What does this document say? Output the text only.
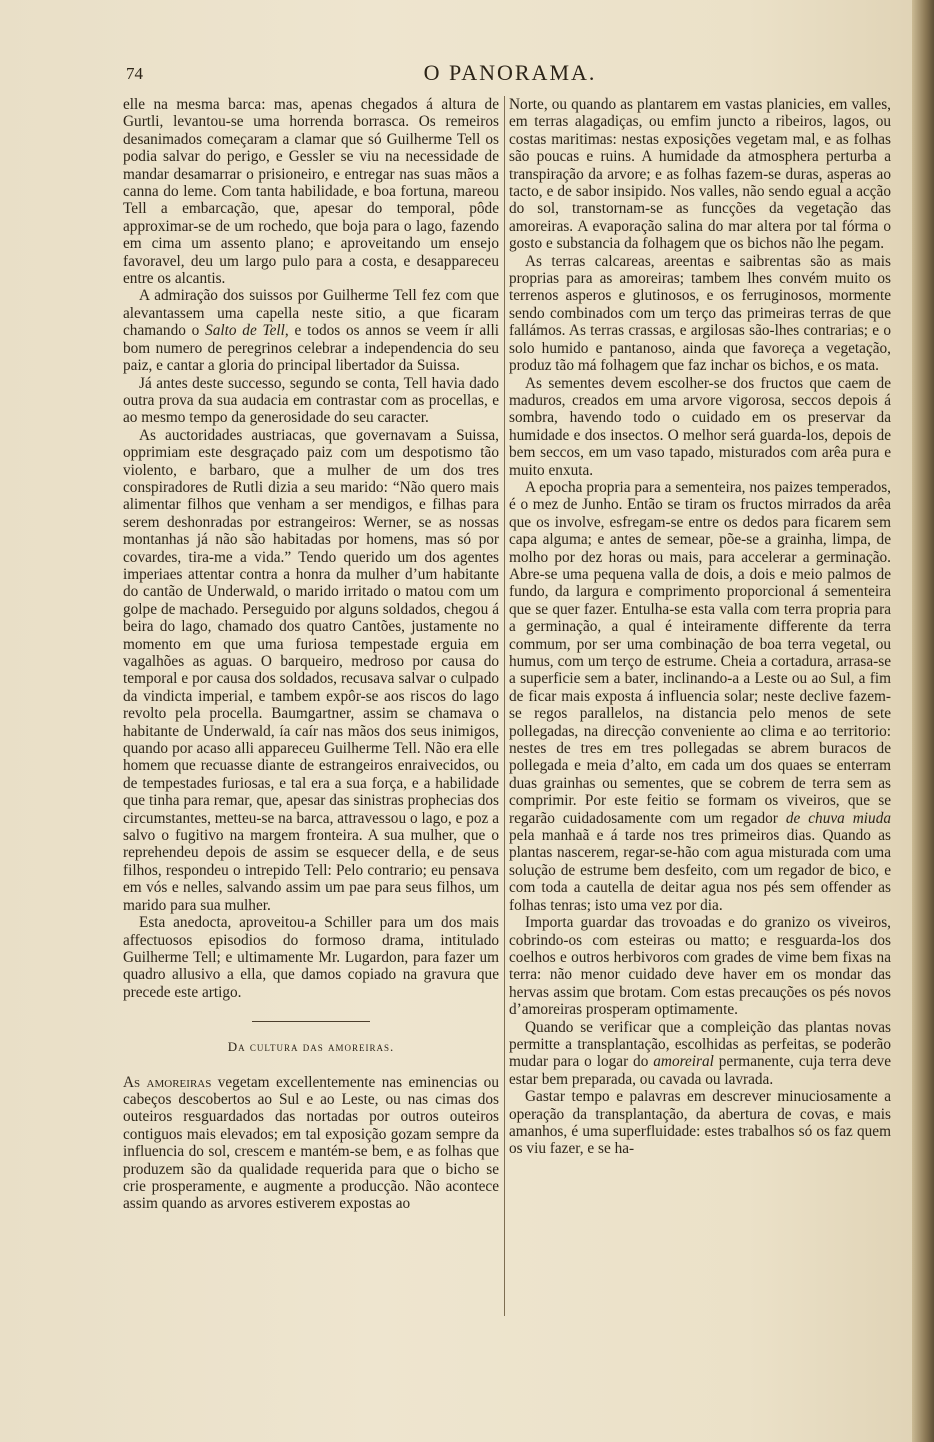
74	O PANORAMA.

elle na mesma barca: mas, apenas chegados á altura de Gurtli, levantou-se uma horrenda borrasca. Os remeiros desanimados começaram a clamar que só Guilherme Tell os podia salvar do perigo, e Gessler se viu na necessidade de mandar desamarrar o prisioneiro, e entregar nas suas mãos a canna do leme. Com tanta habilidade, e boa fortuna, mareou Tell a embarcação, que, apesar do temporal, pôde approximar-se de um rochedo, que boja para o lago, fazendo em cima um assento plano; e aproveitando um ensejo favoravel, deu um largo pulo para a costa, e desappareceu entre os alcantis.

A admiração dos suissos por Guilherme Tell fez com que alevantassem uma capella neste sitio, a que ficaram chamando o Salto de Tell, e todos os annos se veem ír alli bom numero de peregrinos celebrar a independencia do seu paiz, e cantar a gloria do principal libertador da Suissa.

Já antes deste successo, segundo se conta, Tell havia dado outra prova da sua audacia em contrastar com as procellas, e ao mesmo tempo da generosidade do seu caracter.

As auctoridades austriacas, que governavam a Suissa, opprimiam este desgraçado paiz com um despotismo tão violento, e barbaro, que a mulher de um dos tres conspiradores de Rutli dizia a seu marido: “Não quero mais alimentar filhos que venham a ser mendigos, e filhas para serem deshonradas por estrangeiros: Werner, se as nossas montanhas já não são habitadas por homens, mas só por covardes, tira-me a vida.” Tendo querido um dos agentes imperiaes attentar contra a honra da mulher d’um habitante do cantão de Underwald, o marido irritado o matou com um golpe de machado. Perseguido por alguns soldados, chegou á beira do lago, chamado dos quatro Cantões, justamente no momento em que uma furiosa tempestade erguia em vagalhões as aguas. O barqueiro, medroso por causa do temporal e por causa dos soldados, recusava salvar o culpado da vindicta imperial, e tambem expôr-se aos riscos do lago revolto pela procella. Baumgartner, assim se chamava o habitante de Underwald, ía caír nas mãos dos seus inimigos, quando por acaso alli appareceu Guilherme Tell. Não era elle homem que recuasse diante de estrangeiros enraivecidos, ou de tempestades furiosas, e tal era a sua força, e a habilidade que tinha para remar, que, apesar das sinistras prophecias dos circumstantes, metteu-se na barca, attravessou o lago, e poz a salvo o fugitivo na margem fronteira. A sua mulher, que o reprehendeu depois de assim se esquecer della, e de seus filhos, respondeu o intrepido Tell: Pelo contrario; eu pensava em vós e nelles, salvando assim um pae para seus filhos, um marido para sua mulher.

Esta anedocta, aproveitou-a Schiller para um dos mais affectuosos episodios do formoso drama, intitulado Guilherme Tell; e ultimamente Mr. Lugardon, para fazer um quadro allusivo a ella, que damos copiado na gravura que precede este artigo.

Da cultura das amoreiras.

As amoreiras vegetam excellentemente nas eminencias ou cabeços descobertos ao Sul e ao Leste, ou nas cimas dos outeiros resguardados das nortadas por outros outeiros contiguos mais elevados; em tal exposição gozam sempre da influencia do sol, crescem e mantém-se bem, e as folhas que produzem são da qualidade requerida para que o bicho se crie prosperamente, e augmente a producção. Não acontece assim quando as arvores estiverem expostas ao

Norte, ou quando as plantarem em vastas planicies, em valles, em terras alagadiças, ou emfim juncto a ribeiros, lagos, ou costas maritimas: nestas exposições vegetam mal, e as folhas são poucas e ruins. A humidade da atmosphera perturba a transpiração da arvore; e as folhas fazem-se duras, asperas ao tacto, e de sabor insipido. Nos valles, não sendo egual a acção do sol, transtornam-se as funcções da vegetação das amoreiras. A evaporação salina do mar altera por tal fórma o gosto e substancia da folhagem que os bichos não lhe pegam.

As terras calcareas, areentas e saibrentas são as mais proprias para as amoreiras; tambem lhes convém muito os terrenos asperos e glutinosos, e os ferruginosos, mormente sendo combinados com um terço das primeiras terras de que fallámos. As terras crassas, e argilosas são-lhes contrarias; e o solo humido e pantanoso, ainda que favoreça a vegetação, produz tão má folhagem que faz inchar os bichos, e os mata.

As sementes devem escolher-se dos fructos que caem de maduros, creados em uma arvore vigorosa, seccos depois á sombra, havendo todo o cuidado em os preservar da humidade e dos insectos. O melhor será guarda-los, depois de bem seccos, em um vaso tapado, misturados com arêa pura e muito enxuta.

A epocha propria para a sementeira, nos paizes temperados, é o mez de Junho. Então se tiram os fructos mirrados da arêa que os involve, esfregam-se entre os dedos para ficarem sem capa alguma; e antes de semear, põe-se a grainha, limpa, de molho por dez horas ou mais, para accelerar a germinação. Abre-se uma pequena valla de dois, a dois e meio palmos de fundo, da largura e comprimento proporcional á sementeira que se quer fazer. Entulha-se esta valla com terra propria para a germinação, a qual é inteiramente differente da terra commum, por ser uma combinação de boa terra vegetal, ou humus, com um terço de estrume. Cheia a cortadura, arrasa-se a superficie sem a bater, inclinando-a a Leste ou ao Sul, a fim de ficar mais exposta á influencia solar; neste declive fazem-se regos parallelos, na distancia pelo menos de sete pollegadas, na direcção conveniente ao clima e ao territorio: nestes de tres em tres pollegadas se abrem buracos de pollegada e meia d’alto, em cada um dos quaes se enterram duas grainhas ou sementes, que se cobrem de terra sem as comprimir. Por este feitio se formam os viveiros, que se regarão cuidadosamente com um regador de chuva miuda pela manhaã e á tarde nos tres primeiros dias. Quando as plantas nascerem, regar-se-hão com agua misturada com uma solução de estrume bem desfeito, com um regador de bico, e com toda a cautella de deitar agua nos pés sem offender as folhas tenras; isto uma vez por dia.

Importa guardar das trovoadas e do granizo os viveiros, cobrindo-os com esteiras ou matto; e resguarda-los dos coelhos e outros herbivoros com grades de vime bem fixas na terra: não menor cuidado deve haver em os mondar das hervas assim que brotam. Com estas precauções os pés novos d’amoreiras prosperam optimamente.

Quando se verificar que a compleição das plantas novas permitte a transplantação, escolhidas as perfeitas, se poderão mudar para o logar do amoreiral permanente, cuja terra deve estar bem preparada, ou cavada ou lavrada.

Gastar tempo e palavras em descrever minuciosamente a operação da transplantação, da abertura de covas, e mais amanhos, é uma superfluidade: estes trabalhos só os faz quem os viu fazer, e se ha-
